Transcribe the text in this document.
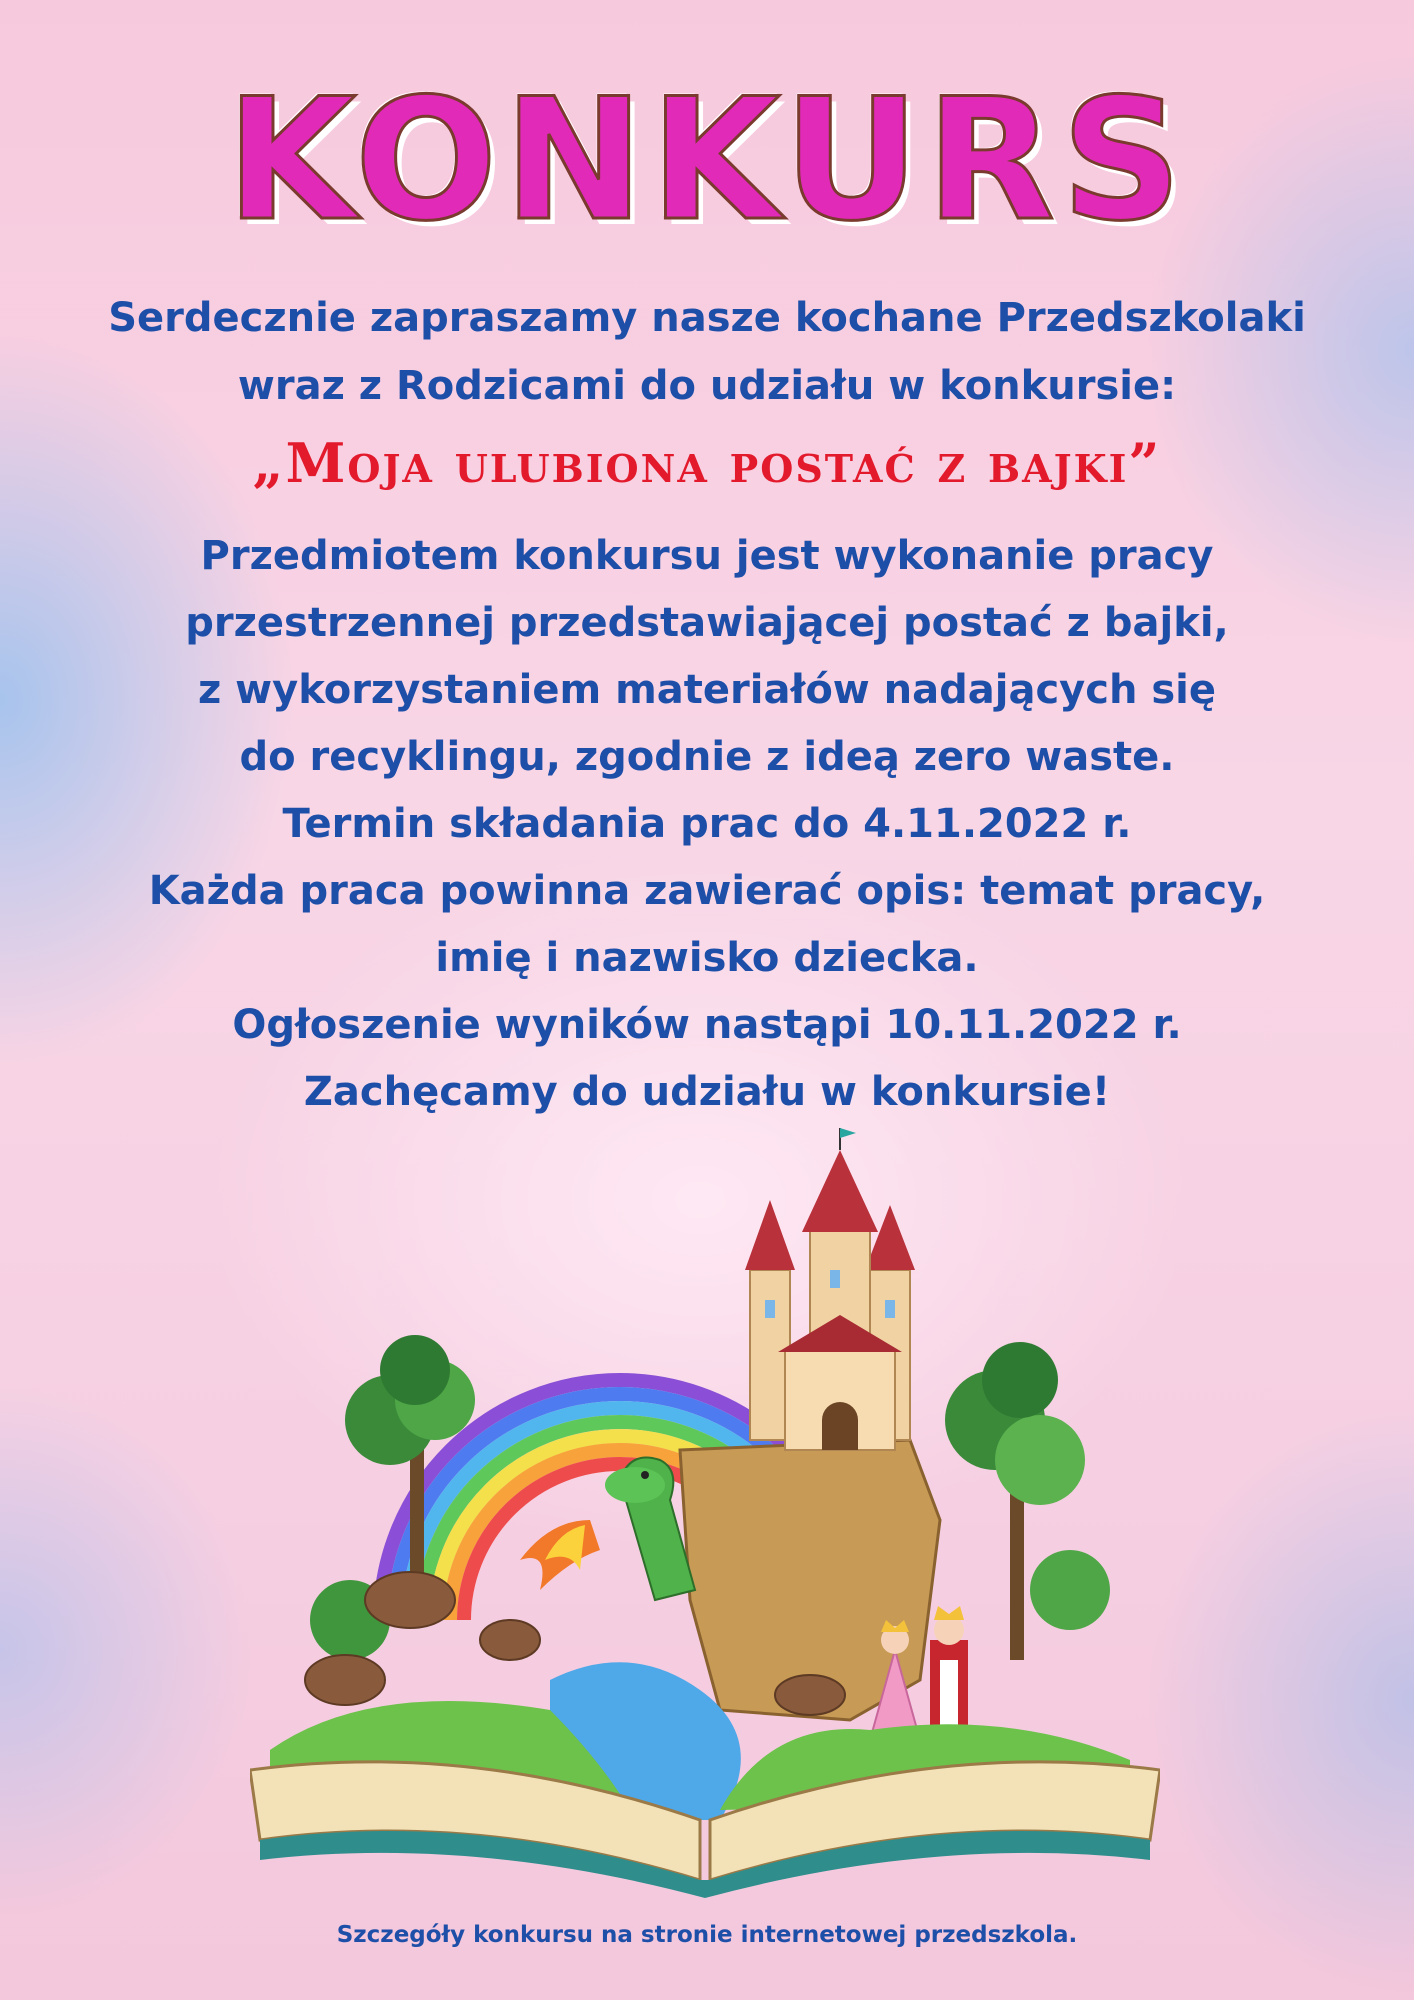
KONKURS
Serdecznie zapraszamy nasze kochane Przedszkolaki
wraz z Rodzicami do udziału w konkursie:
„Moja ulubiona postać z bajki”
Przedmiotem konkursu jest wykonanie pracy
przestrzennej przedstawiającej postać z bajki,
z wykorzystaniem materiałów nadających się
do recyklingu, zgodnie z ideą zero waste.
Termin składania prac do 4.11.2022 r.
Każda praca powinna zawierać opis: temat pracy,
imię i nazwisko dziecka.
Ogłoszenie wyników nastąpi 10.11.2022 r.
Zachęcamy do udziału w konkursie!
Szczegóły konkursu na stronie internetowej przedszkola.
